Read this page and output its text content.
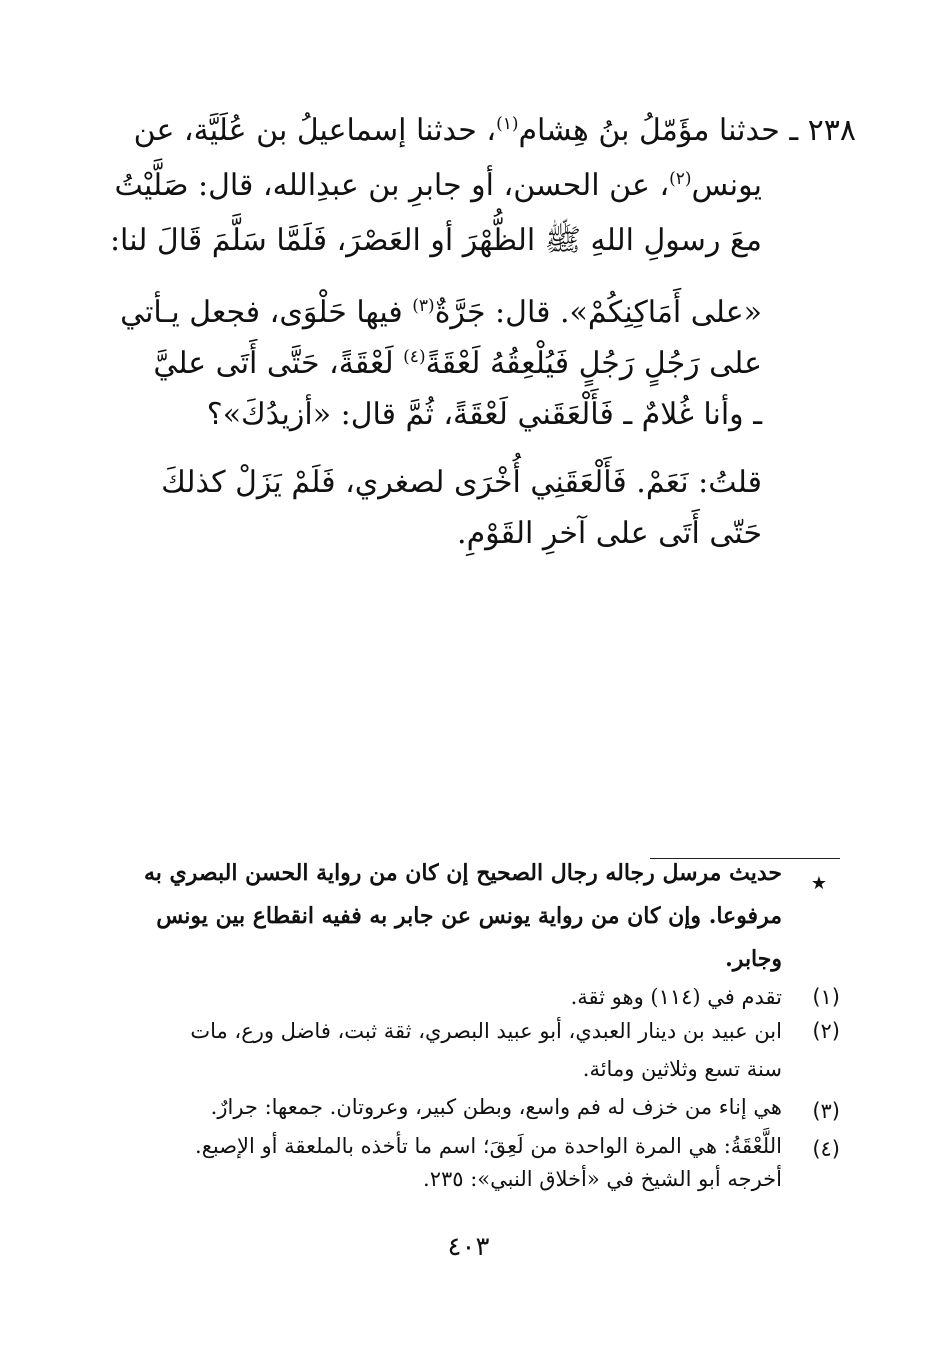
٢٣٨ ـ حدثنا مؤَمّلُ بنُ هِشام$^{(١)}$، حدثنا إسماعيلُ بن عُلَيَّة، عن
يونس$^{(٢)}$، عن الحسن، أو جابرِ بن عبدِالله، قال: صَلَّيْتُ
معَ رسولِ اللهِ ﷺ الظُّهْرَ أو العَصْرَ، فَلَمَّا سَلَّمَ قَالَ لنا:
«على أَمَاكِنِكُمْ». قال: جَرَّةٌ$^{(٣)}$ فيها حَلْوَى، فجعل يـأتي
على رَجُلٍ رَجُلٍ فَيُلْعِقُهُ لَعْقَةً$^{(٤)}$ لَعْقَةً، حَتَّى أَتَى عليَّ
ـ وأنا غُلامٌ ـ فَأَلْعَقَني لَعْقَةً، ثُمَّ قال: «أزيدُكَ»؟
قلتُ: نَعَمْ. فَأَلْعَقَنِي أُخْرَى لصغري، فَلَمْ يَزَلْ كذلكَ
حَتّى أَتَى على آخرِ القَوْمِ.
★
حديث مرسل رجاله رجال الصحيح إن كان من رواية الحسن البصري به
مرفوعا. وإن كان من رواية يونس عن جابر به ففيه انقطاع بين يونس
وجابر.
(١)
تقدم في (١١٤) وهو ثقة.
(٢)
ابن عبيد بن دينار العبدي، أبو عبيد البصري، ثقة ثبت، فاضل ورع، مات
سنة تسع وثلاثين ومائة.
(٣)
هي إناء من خزف له فم واسع، وبطن كبير، وعروتان. جمعها: جرارٌ.
(٤)
اللَّعْقَةُ: هي المرة الواحدة من لَعِقَ؛ اسم ما تأخذه بالملعقة أو الإصبع.
أخرجه أبو الشيخ في «أخلاق النبي»: ٢٣٥.
٤٠٣
